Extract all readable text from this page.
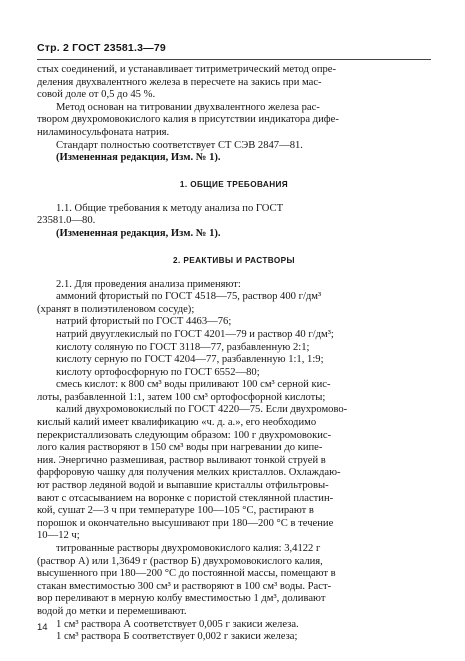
Стр. 2 ГОСТ 23581.3—79

стых соединений, и устанавливает титриметрический метод опре-

деления двухвалентного железа в пересчете на закись при мас-

совой доле от 0,5 до 45 %.

Метод основан на титровании двухвалентного железа рас-

твором двухромовокислого калия в присутствии индикатора дифе-

ниламиносульфоната натрия.

Стандарт полностью соответствует СТ СЭВ 2847—81.

(Измененная редакция, Изм. № 1).

1. ОБЩИЕ ТРЕБОВАНИЯ

1.1. Общие требования к методу анализа по ГОСТ

23581.0—80.

(Измененная редакция, Изм. № 1).

2. РЕАКТИВЫ И РАСТВОРЫ

2.1. Для проведения анализа применяют:

аммоний фтористый по ГОСТ 4518—75, раствор 400 г/дм³

(хранят в полиэтиленовом сосуде);

натрий фтористый по ГОСТ 4463—76;

натрий двууглекислый по ГОСТ 4201—79 и раствор 40 г/дм³;

кислоту соляную по ГОСТ 3118—77, разбавленную 2:1;

кислоту серную по ГОСТ 4204—77, разбавленную 1:1, 1:9;

кислоту ортофосфорную по ГОСТ 6552—80;

смесь кислот: к 800 см³ воды приливают 100 см³ серной кис-

лоты, разбавленной 1:1, затем 100 см³ ортофосфорной кислоты;

калий двухромовокислый по ГОСТ 4220—75. Если двухромово-

кислый калий имеет квалификацию «ч. д. а.», его необходимо

перекристаллизовать следующим образом: 100 г двухромовокис-

лого калия растворяют в 150 см³ воды при нагревании до кипе-

ния. Энергично размешивая, раствор выливают тонкой струей в

фарфоровую чашку для получения мелких кристаллов. Охлаждаю-

ют раствор ледяной водой и выпавшие кристаллы отфильтровы-

вают с отсасыванием на воронке с пористой стеклянной пластин-

кой, сушат 2—3 ч при температуре 100—105 °C, растирают в

порошок и окончательно высушивают при 180—200 °C в течение

10—12 ч;

титрованные растворы двухромовокислого калия: 3,4122 г

(раствор А) или 1,3649 г (раствор Б) двухромовокислого калия,

высушенного при 180—200 °C до постоянной массы, помещают в

стакан вместимостью 300 см³ и растворяют в 100 см³ воды. Раст-

вор переливают в мерную колбу вместимостью 1 дм³, доливают

водой до метки и перемешивают.

1 см³ раствора А соответствует 0,005 г закиси железа.

1 см³ раствора Б соответствует 0,002 г закиси железа;

14
